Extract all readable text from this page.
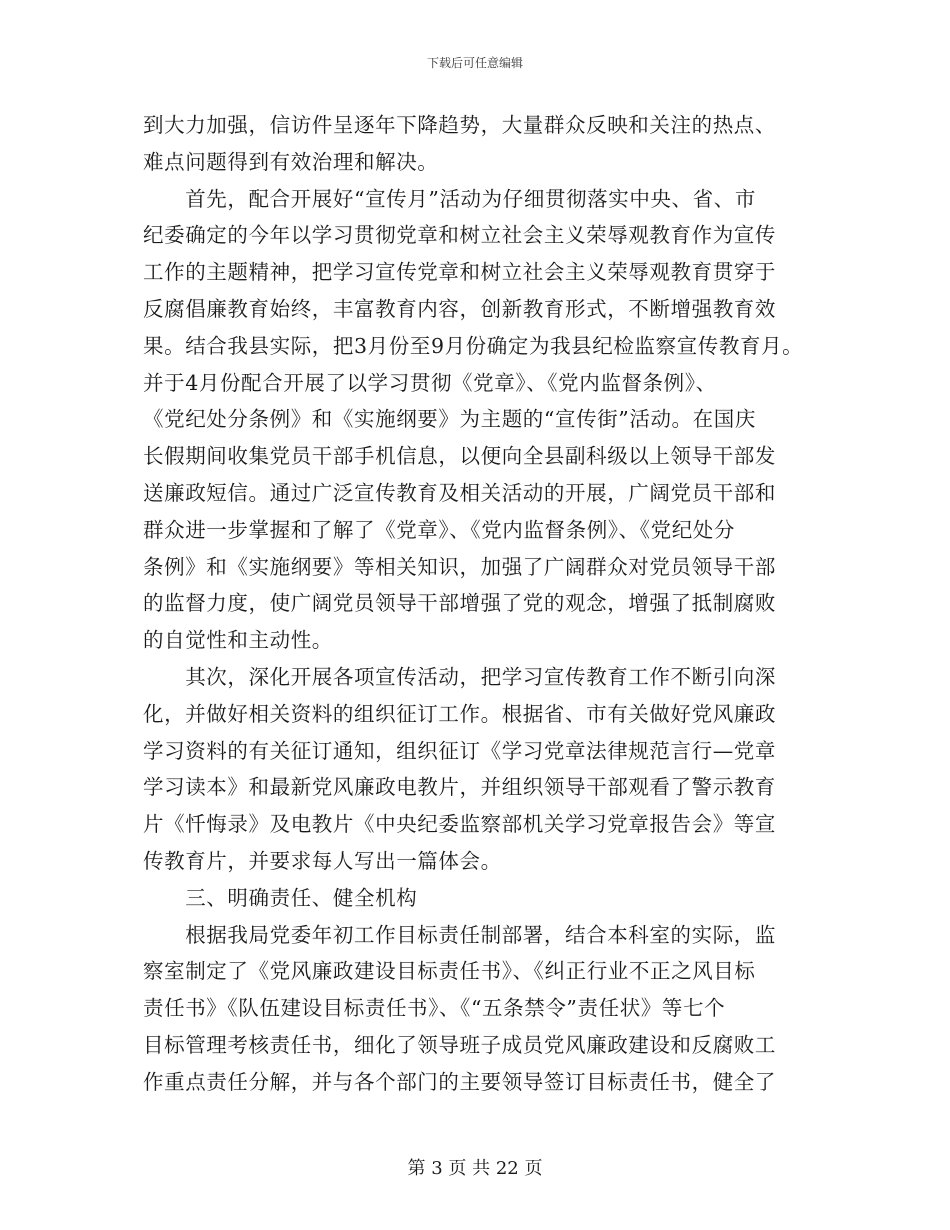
下载后可任意编辑
到大力加强，信访件呈逐年下降趋势，大量群众反映和关注的热点、
难点问题得到有效治理和解决。
　　首先，配合开展好“宣传月”活动为仔细贯彻落实中央、省、市
纪委确定的今年以学习贯彻党章和树立社会主义荣辱观教育作为宣传
工作的主题精神，把学习宣传党章和树立社会主义荣辱观教育贯穿于
反腐倡廉教育始终，丰富教育内容，创新教育形式，不断增强教育效
果。结合我县实际，把3月份至9月份确定为我县纪检监察宣传教育月。
并于4月份配合开展了以学习贯彻《党章》、《党内监督条例》、
《党纪处分条例》和《实施纲要》为主题的“宣传街”活动。在国庆
长假期间收集党员干部手机信息，以便向全县副科级以上领导干部发
送廉政短信。通过广泛宣传教育及相关活动的开展，广阔党员干部和
群众进一步掌握和了解了《党章》、《党内监督条例》、《党纪处分
条例》和《实施纲要》等相关知识，加强了广阔群众对党员领导干部
的监督力度，使广阔党员领导干部增强了党的观念，增强了抵制腐败
的自觉性和主动性。
　　其次，深化开展各项宣传活动，把学习宣传教育工作不断引向深
化，并做好相关资料的组织征订工作。根据省、市有关做好党风廉政
学习资料的有关征订通知，组织征订《学习党章法律规范言行—党章
学习读本》和最新党风廉政电教片，并组织领导干部观看了警示教育
片《忏悔录》及电教片《中央纪委监察部机关学习党章报告会》等宣
传教育片，并要求每人写出一篇体会。
　　三、明确责任、健全机构
　　根据我局党委年初工作目标责任制部署，结合本科室的实际，监
察室制定了《党风廉政建设目标责任书》、《纠正行业不正之风目标
责任书》《队伍建设目标责任书》、《“五条禁令”责任状》等七个
目标管理考核责任书，细化了领导班子成员党风廉政建设和反腐败工
作重点责任分解，并与各个部门的主要领导签订目标责任书，健全了
第 3 页 共 22 页
